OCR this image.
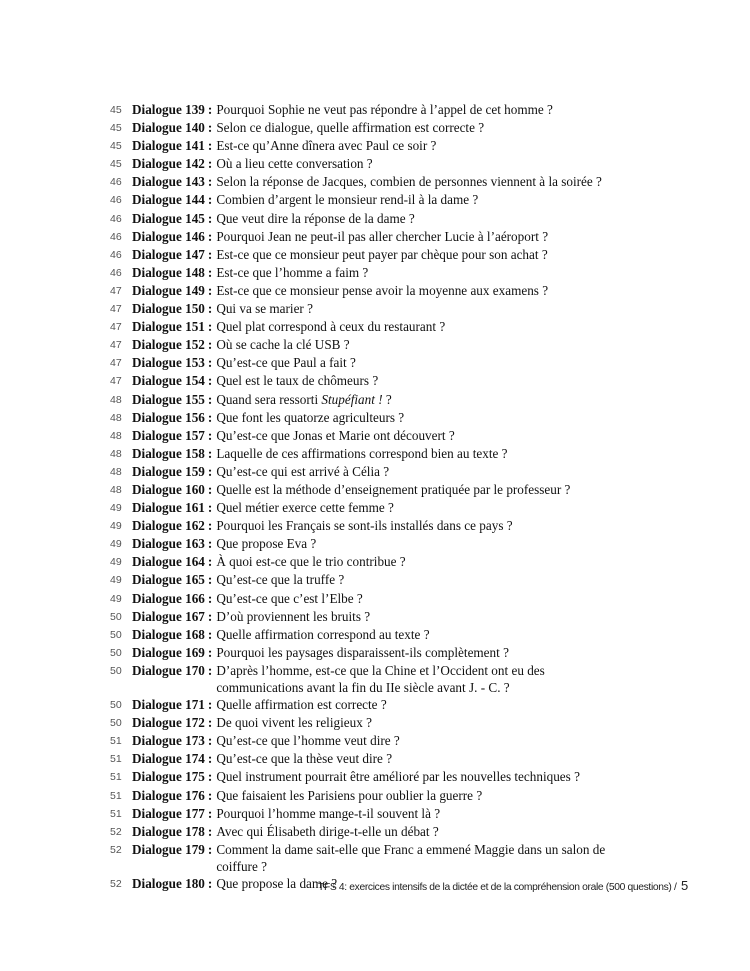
45 Dialogue 139 : Pourquoi Sophie ne veut pas répondre à l’appel de cet homme ?
45 Dialogue 140 : Selon ce dialogue, quelle affirmation est correcte ?
45 Dialogue 141 : Est-ce qu’Anne dînera avec Paul ce soir ?
45 Dialogue 142 : Où a lieu cette conversation ?
46 Dialogue 143 : Selon la réponse de Jacques, combien de personnes viennent à la soirée ?
46 Dialogue 144 : Combien d’argent le monsieur rend-il à la dame ?
46 Dialogue 145 : Que veut dire la réponse de la dame ?
46 Dialogue 146 : Pourquoi Jean ne peut-il pas aller chercher Lucie à l’aéroport ?
46 Dialogue 147 : Est-ce que ce monsieur peut payer par chèque pour son achat ?
46 Dialogue 148 : Est-ce que l’homme a faim ?
47 Dialogue 149 : Est-ce que ce monsieur pense avoir la moyenne aux examens ?
47 Dialogue 150 : Qui va se marier ?
47 Dialogue 151 : Quel plat correspond à ceux du restaurant ?
47 Dialogue 152 : Où se cache la clé USB ?
47 Dialogue 153 : Qu’est-ce que Paul a fait ?
47 Dialogue 154 : Quel est le taux de chômeurs ?
48 Dialogue 155 : Quand sera ressorti Stupéfiant ! ?
48 Dialogue 156 : Que font les quatorze agriculteurs ?
48 Dialogue 157 : Qu’est-ce que Jonas et Marie ont découvert ?
48 Dialogue 158 : Laquelle de ces affirmations correspond bien au texte ?
48 Dialogue 159 : Qu’est-ce qui est arrivé à Célia ?
48 Dialogue 160 : Quelle est la méthode d’enseignement pratiquée par le professeur ?
49 Dialogue 161 : Quel métier exerce cette femme ?
49 Dialogue 162 : Pourquoi les Français se sont-ils installés dans ce pays ?
49 Dialogue 163 : Que propose Eva ?
49 Dialogue 164 : À quoi est-ce que le trio contribue ?
49 Dialogue 165 : Qu’est-ce que la truffe ?
49 Dialogue 166 : Qu’est-ce que c’est l’Elbe ?
50 Dialogue 167 : D’où proviennent les bruits ?
50 Dialogue 168 : Quelle affirmation correspond au texte ?
50 Dialogue 169 : Pourquoi les paysages disparaissent-ils complètement ?
50 Dialogue 170 : D’après l’homme, est-ce que la Chine et l’Occident ont eu des communications avant la fin du IIe siècle avant J. - C. ?
50 Dialogue 171 : Quelle affirmation est correcte ?
50 Dialogue 172 : De quoi vivent les religieux ?
51 Dialogue 173 : Qu’est-ce que l’homme veut dire ?
51 Dialogue 174 : Qu’est-ce que la thèse veut dire ?
51 Dialogue 175 : Quel instrument pourrait être amélioré par les nouvelles techniques ?
51 Dialogue 176 : Que faisaient les Parisiens pour oublier la guerre ?
51 Dialogue 177 : Pourquoi l’homme mange-t-il souvent là ?
52 Dialogue 178 : Avec qui Élisabeth dirige-t-elle un débat ?
52 Dialogue 179 : Comment la dame sait-elle que Franc a emmené Maggie dans un salon de coiffure ?
52 Dialogue 180 : Que propose la dame ?
TFS 4: exercices intensifs de la dictée et de la compréhension orale (500 questions) / 5
